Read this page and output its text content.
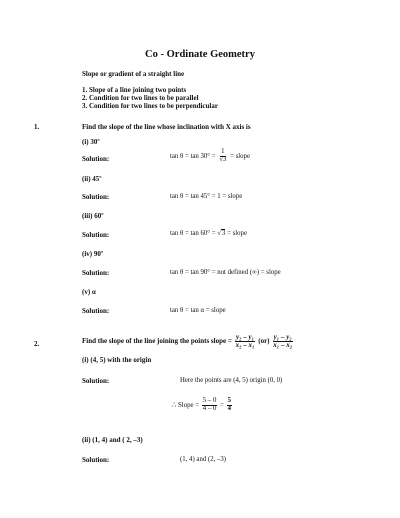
Co - Ordinate Geometry
Slope or gradient of a straight line
1. Slope of a line joining two points
2. Condition for two lines to be parallel
3. Condition for two lines to be perpendicular
1.	Find the slope of the line whose inclination with X axis is
(i) 30º
Solution:	$\tan \theta = \tan 30^\circ = \frac{1}{√3}$ = slope
(ii) 45º
Solution:	tan θ = tan 45° = 1 = slope
(iii) 60º
Solution:	tan θ = tan 60° = √3 = slope
(iv) 90º
Solution:	tan θ = tan 90° = not defined (∞) = slope
(v) α
Solution:	tan θ = tan α = slope
2.	Find the slope of the line joining the points slope = $\frac{\text{y₂ – y₁}}{\text{x₂ – x₁}} (or) \frac{\text{y₁ – y₂}}{\text{x₁ – x₂}}$
(i) (4, 5) with the origin
Solution:	Here the points are (4, 5) origin (0, 0)
∴ Slope = $\frac{5 - 0}{4 - 0} = \frac{5}{4}$
(ii) (1, 4) and ( 2, –3)
Solution:	(1, 4) and (2, –3)
